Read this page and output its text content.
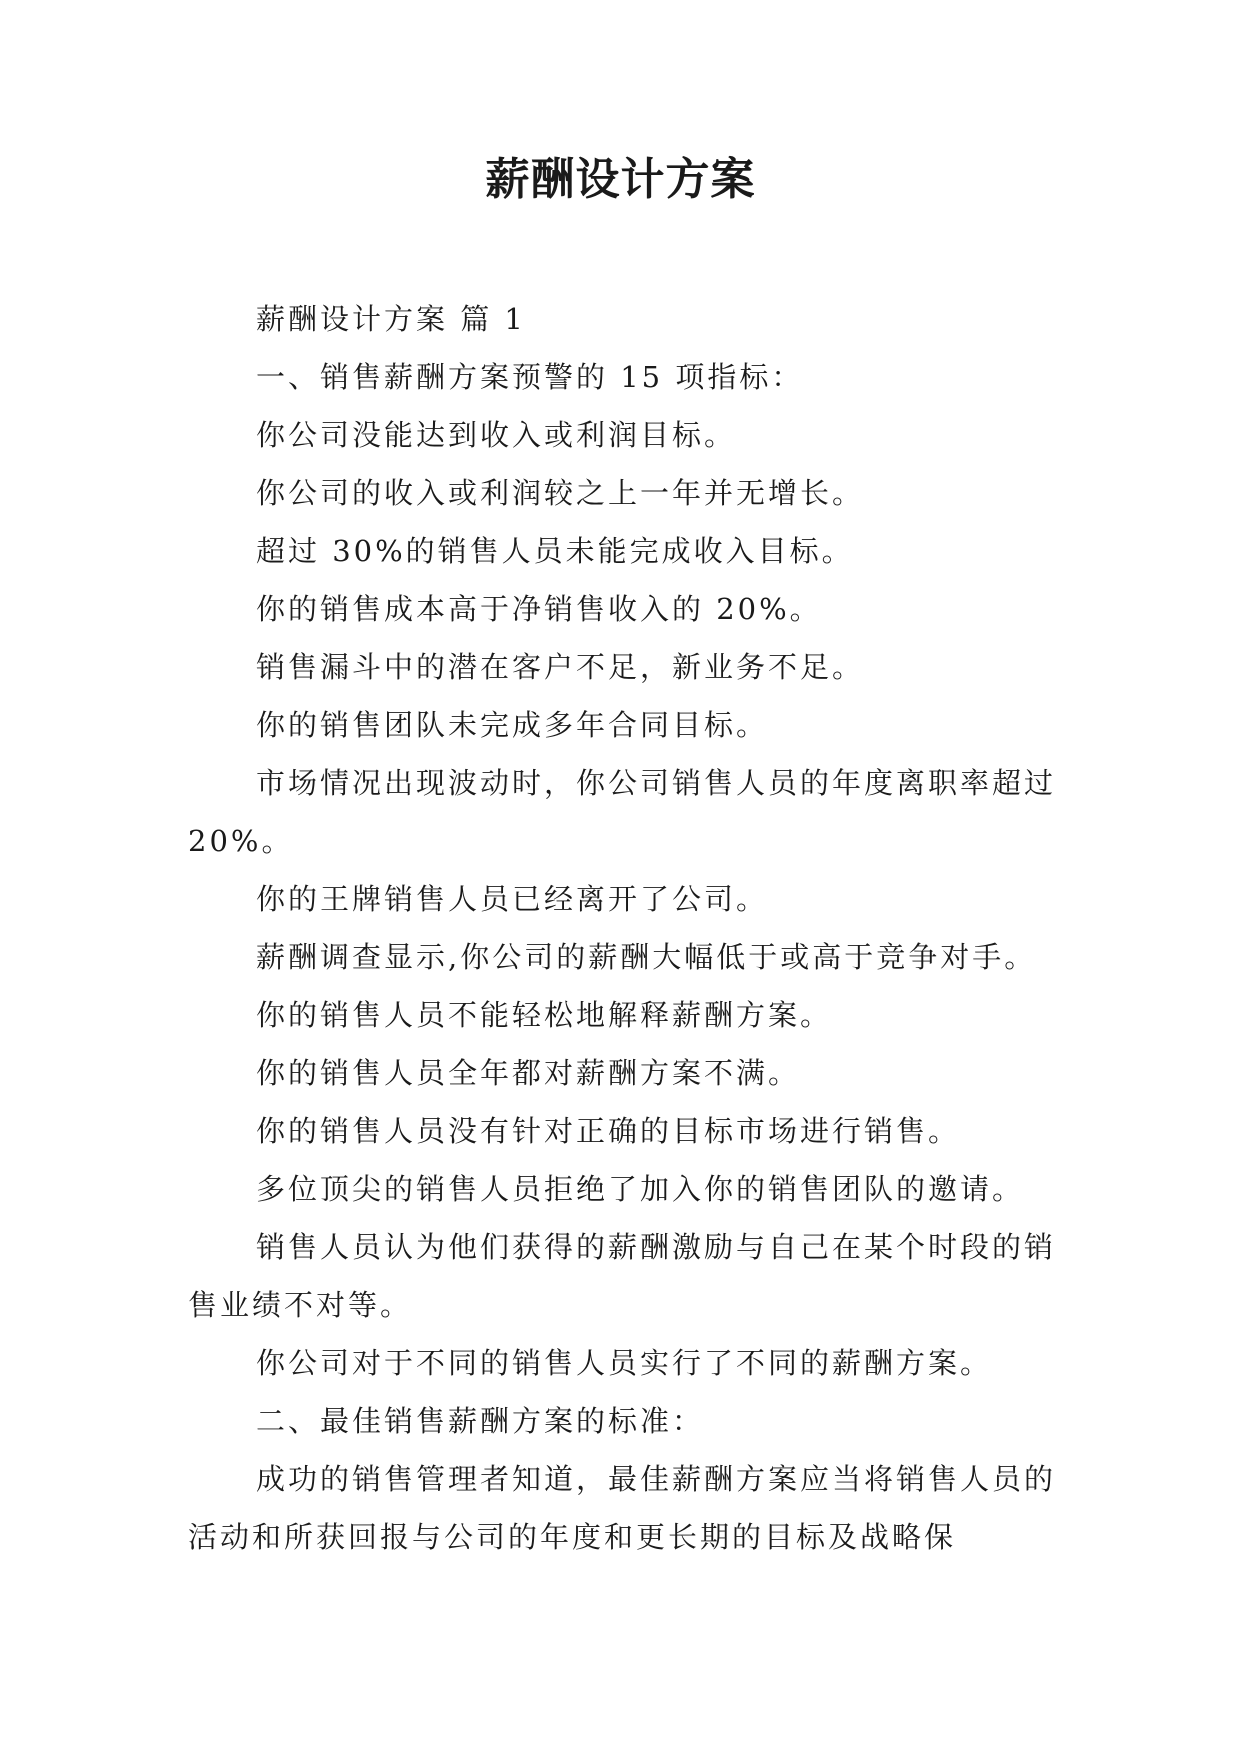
薪酬设计方案

薪酬设计方案 篇 1

一、销售薪酬方案预警的 15 项指标：

你公司没能达到收入或利润目标。

你公司的收入或利润较之上一年并无增长。

超过 30%的销售人员未能完成收入目标。

你的销售成本高于净销售收入的 20%。

销售漏斗中的潜在客户不足，新业务不足。

你的销售团队未完成多年合同目标。

市场情况出现波动时，你公司销售人员的年度离职率超过 20%。

你的王牌销售人员已经离开了公司。

薪酬调查显示,你公司的薪酬大幅低于或高于竞争对手。

你的销售人员不能轻松地解释薪酬方案。

你的销售人员全年都对薪酬方案不满。

你的销售人员没有针对正确的目标市场进行销售。

多位顶尖的销售人员拒绝了加入你的销售团队的邀请。

销售人员认为他们获得的薪酬激励与自己在某个时段的销售业绩不对等。

你公司对于不同的销售人员实行了不同的薪酬方案。

二、最佳销售薪酬方案的标准：

成功的销售管理者知道，最佳薪酬方案应当将销售人员的活动和所获回报与公司的年度和更长期的目标及战略保
